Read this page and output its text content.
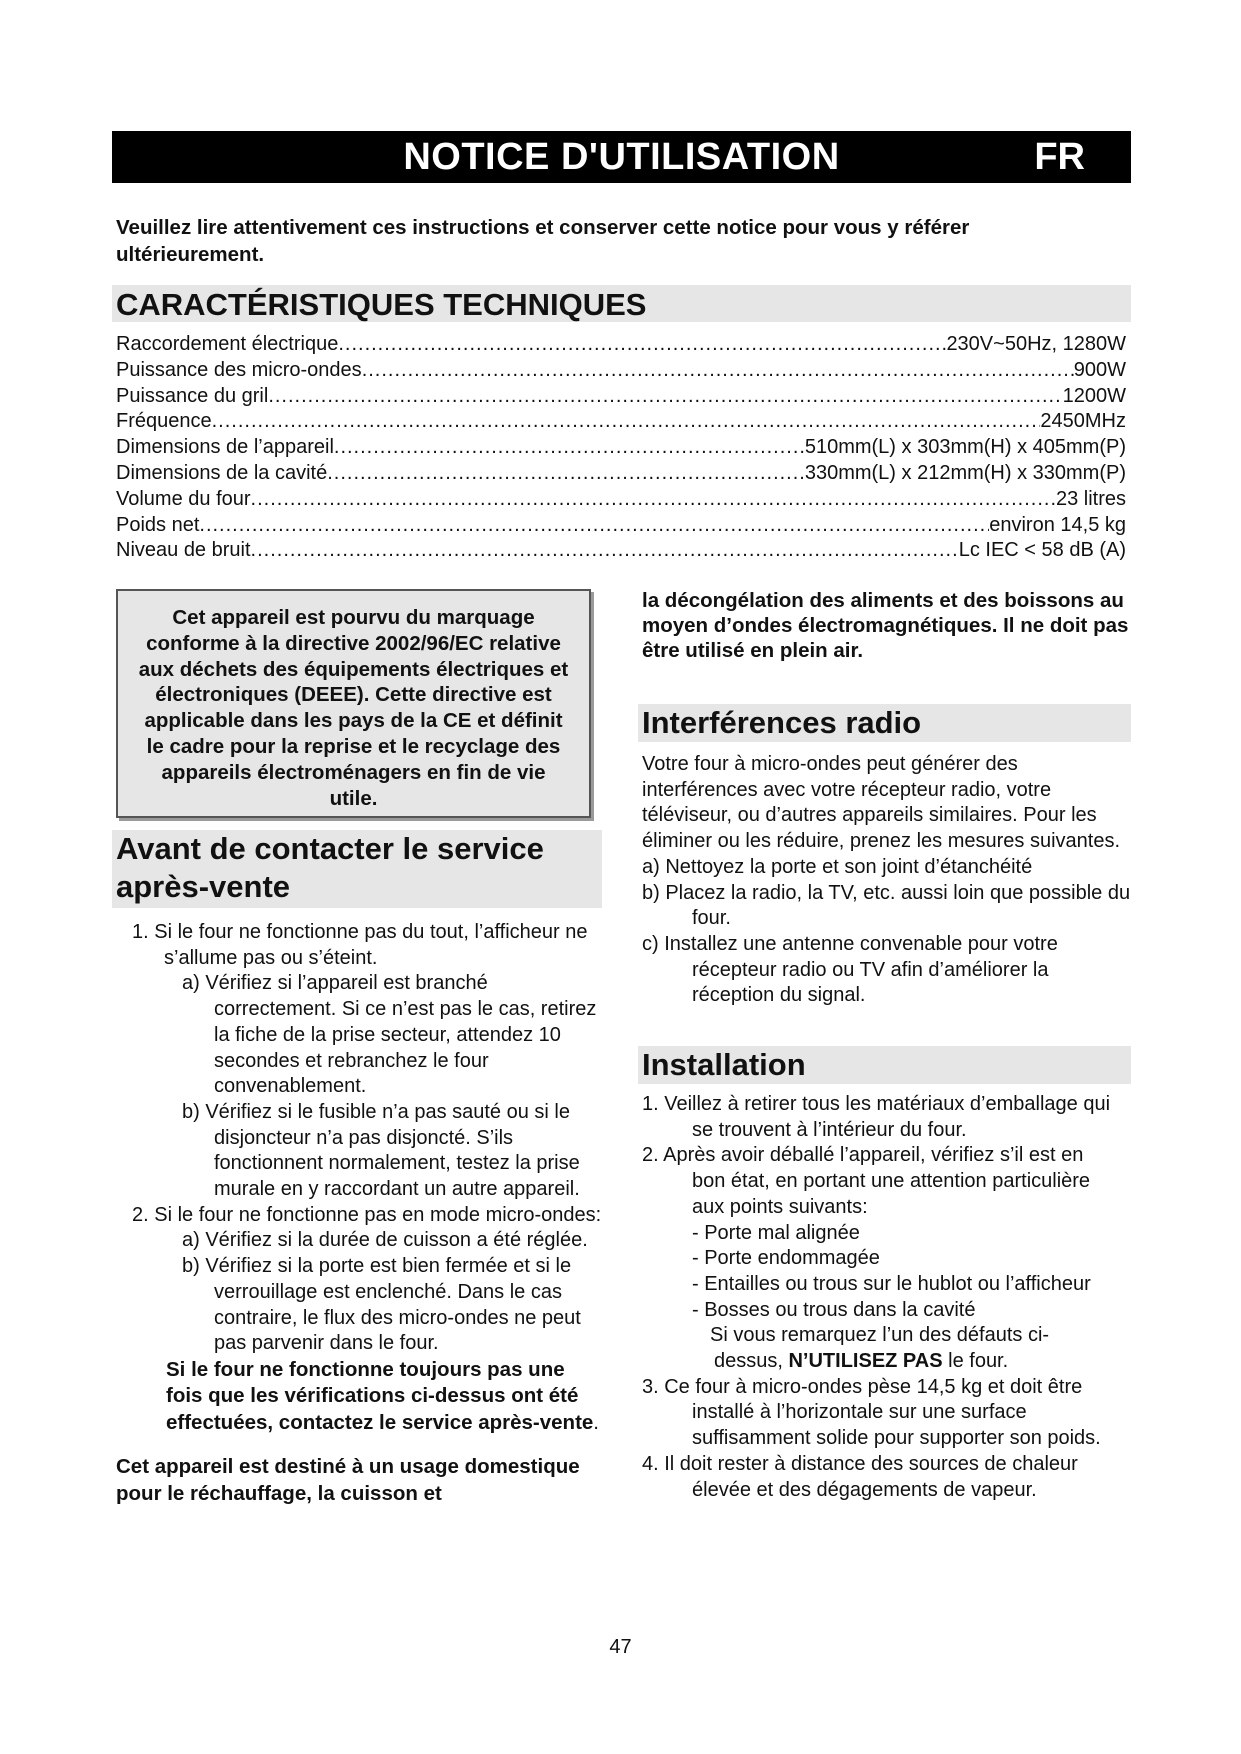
NOTICE D'UTILISATION	FR
Veuillez lire attentivement ces instructions et conserver cette notice pour vous y référer ultérieurement.
CARACTÉRISTIQUES TECHNIQUES
Raccordement électrique .....	230V~50Hz, 1280W
Puissance des micro-ondes .....	900W
Puissance du gril .....	1200W
Fréquence .....	2450MHz
Dimensions de l’appareil .....	510mm(L) x 303mm(H) x 405mm(P)
Dimensions de la cavité .....	330mm(L) x 212mm(H) x 330mm(P)
Volume du four .....	23 litres
Poids net .....	environ 14,5 kg
Niveau de bruit .....	Lc IEC < 58 dB (A)

Cet appareil est pourvu du marquage conforme à la directive 2002/96/EC relative aux déchets des équipements électriques et électroniques (DEEE). Cette directive est applicable dans les pays de la CE et définit le cadre pour la reprise et le recyclage des appareils électroménagers en fin de vie utile.

Avant de contacter le service
après-vente

1. Si le four ne fonctionne pas du tout, l’afficheur ne s’allume pas ou s’éteint.

a) Vérifiez si l’appareil est branché correctement. Si ce n’est pas le cas, retirez la fiche de la prise secteur, attendez 10 secondes et rebranchez le four convenablement.

b) Vérifiez si le fusible n’a pas sauté ou si le disjoncteur n’a pas disjoncté. S’ils fonctionnent normalement, testez la prise murale en y raccordant un autre appareil.

2. Si le four ne fonctionne pas en mode micro-ondes:

a) Vérifiez si la durée de cuisson a été réglée.

b) Vérifiez si la porte est bien fermée et si le verrouillage est enclenché. Dans le cas contraire, le flux des micro-ondes ne peut pas parvenir dans le four.

Si le four ne fonctionne toujours pas une fois que les vérifications ci-dessus ont été effectuées, contactez le service après-vente.

Cet appareil est destiné à un usage domestique pour le réchauffage, la cuisson et

la décongélation des aliments et des boissons au moyen d’ondes électromagnétiques. Il ne doit pas être utilisé en plein air.
Interférences radio

Votre four à micro-ondes peut générer des interférences avec votre récepteur radio, votre téléviseur, ou d’autres appareils similaires. Pour les éliminer ou les réduire, prenez les mesures suivantes.

a) Nettoyez la porte et son joint d’étanchéité

b) Placez la radio, la TV, etc. aussi loin que possible du four.

c) Installez une antenne convenable pour votre récepteur radio ou TV afin d’améliorer la réception du signal.

Installation

1. Veillez à retirer tous les matériaux d’emballage qui se trouvent à l’intérieur du four.

2. Après avoir déballé l’appareil, vérifiez s’il est en bon état, en portant une attention particulière aux points suivants:

- Porte mal alignée

- Porte endommagée

- Entailles ou trous sur le hublot ou l’afficheur

- Bosses ou trous dans la cavité

Si vous remarquez l’un des défauts ci-dessus, N’UTILISEZ PAS le four.

3. Ce four à micro-ondes pèse 14,5 kg et doit être installé à l’horizontale sur une surface suffisamment solide pour supporter son poids.

4. Il doit rester à distance des sources de chaleur élevée et des dégagements de vapeur.

47
